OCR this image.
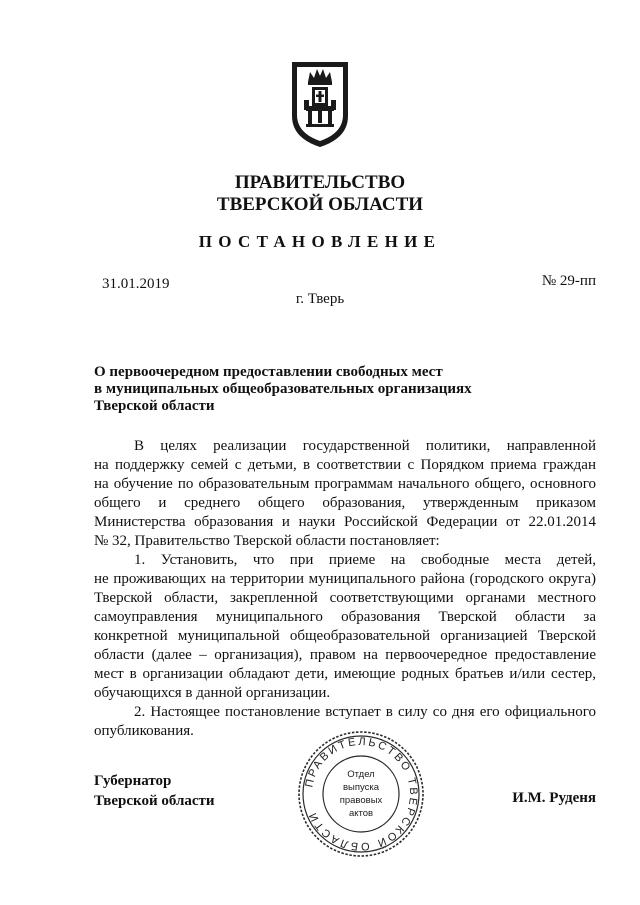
ПРАВИТЕЛЬСТВО
ТВЕРСКОЙ ОБЛАСТИ
ПОСТАНОВЛЕНИЕ
31.01.2019	№ 29-пп
г. Тверь
О первоочередном предоставлении свободных мест
в муниципальных общеобразовательных организациях
Тверской области
В целях реализации государственной политики, направленной
на поддержку семей с детьми, в соответствии с Порядком приема граждан
на обучение по образовательным программам начального общего, основного
общего и среднего общего образования, утвержденным приказом
Министерства образования и науки Российской Федерации от 22.01.2014
№ 32, Правительство Тверской области постановляет:
1. Установить, что при приеме на свободные места детей,
не проживающих на территории муниципального района (городского округа)
Тверской области, закрепленной соответствующими органами местного
самоуправления муниципального образования Тверской области за
конкретной муниципальной общеобразовательной организацией Тверской
области (далее – организация), правом на первоочередное предоставление
мест в организации обладают дети, имеющие родных братьев и/или сестер,
обучающихся в данной организации.
2. Настоящее постановление вступает в силу со дня его официального
опубликования.
Губернатор
Тверской области	И.М. Руденя
ПРАВИТЕЛЬСТВО ТВЕРСКОЙ ОБЛАСТИ
Отдел
выпуска
правовых
актов
